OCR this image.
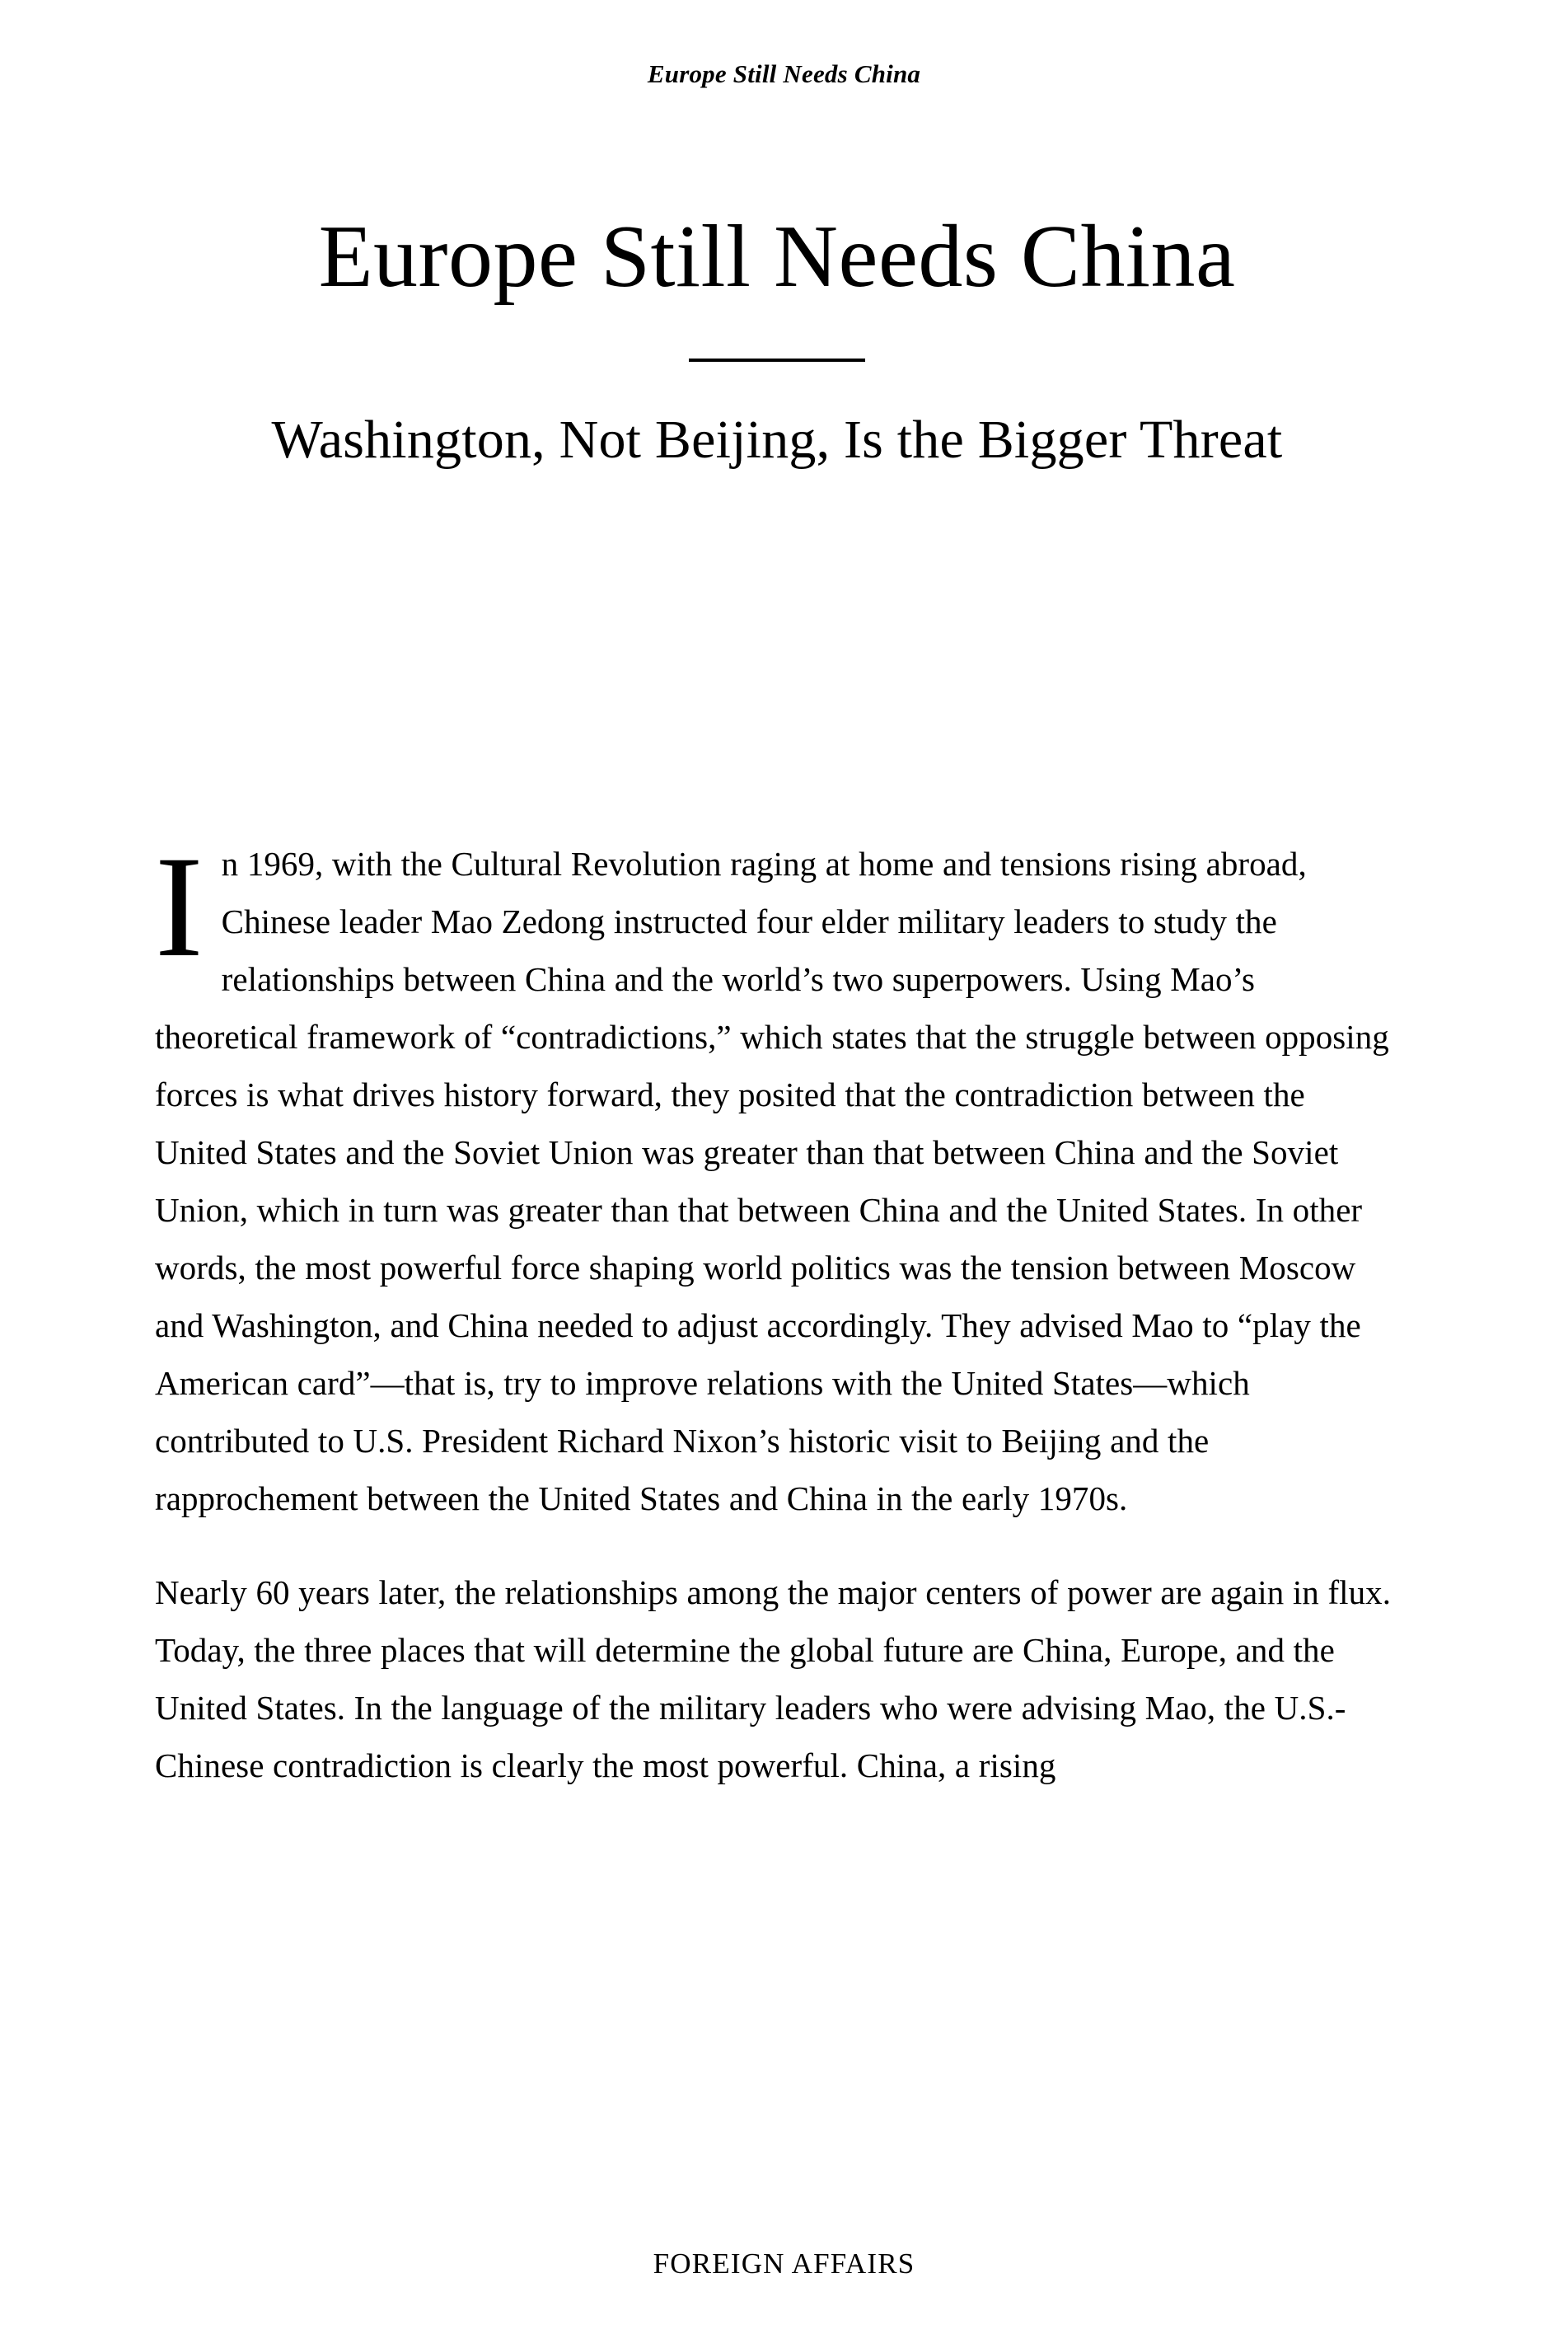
Europe Still Needs China
Europe Still Needs China
Washington, Not Beijing, Is the Bigger Threat

In 1969, with the Cultural Revolution raging at home and tensions rising abroad, Chinese leader Mao Zedong instructed four elder military leaders to study the relationships between China and the world’s two superpowers. Using Mao’s theoretical framework of “contradictions,” which states that the struggle between opposing forces is what drives history forward, they posited that the contradiction between the United States and the Soviet Union was greater than that between China and the Soviet Union, which in turn was greater than that between China and the United States. In other words, the most powerful force shaping world politics was the tension between Moscow and Washington, and China needed to adjust accordingly. They advised Mao to “play the American card”—that is, try to improve relations with the United States—which contributed to U.S. President Richard Nixon’s historic visit to Beijing and the rapprochement between the United States and China in the early 1970s.

Nearly 60 years later, the relationships among the major centers of power are again in flux. Today, the three places that will determine the global future are China, Europe, and the United States. In the language of the military leaders who were advising Mao, the U.S.-Chinese contradiction is clearly the most powerful. China, a rising

FOREIGN AFFAIRS
